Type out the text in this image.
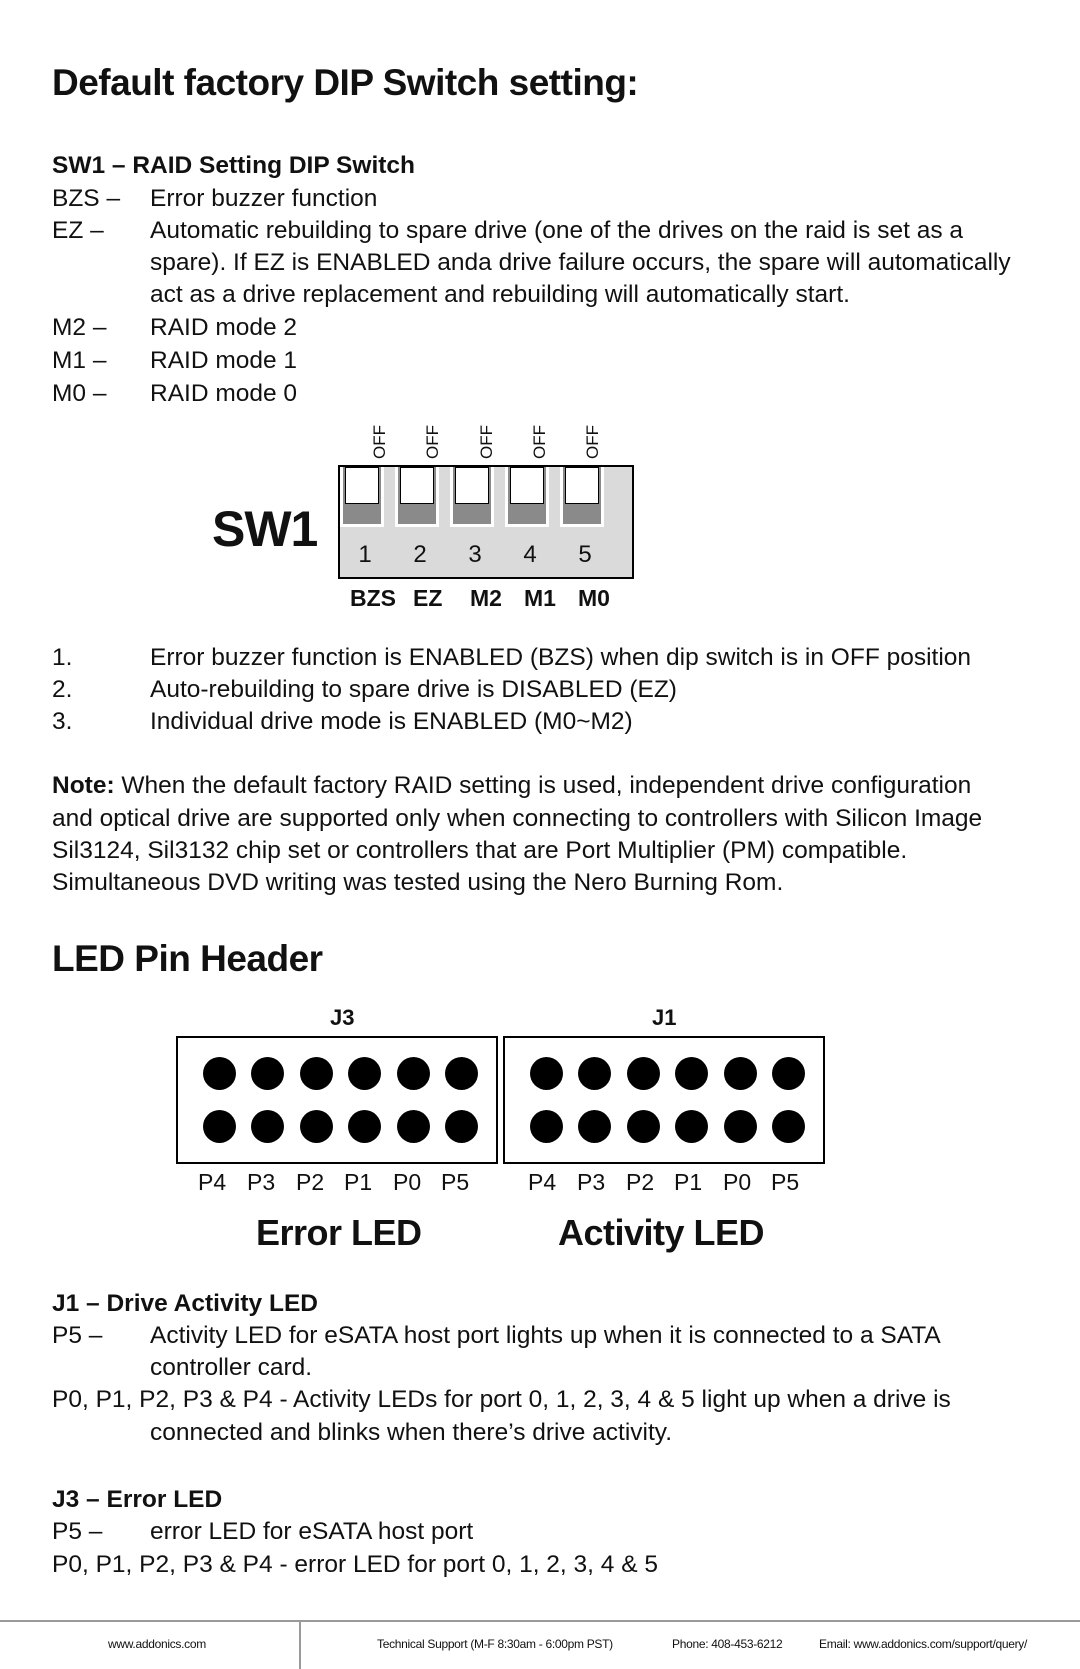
Default factory DIP Switch setting:
SW1 – RAID Setting DIP Switch
BZS – Error buzzer function
EZ – Automatic rebuilding to spare drive (one of the drives on the raid is set as a
spare). If EZ is ENABLED anda drive failure occurs, the spare will automatically
act as a drive replacement and rebuilding will automatically start.
M2 – RAID mode 2
M1 – RAID mode 1
M0 – RAID mode 0
OFF OFF OFF OFF OFF
SW1	1	2	3	4	5
BZS EZ M2 M1 M0
1.	Error buzzer function is ENABLED (BZS) when dip switch is in OFF position
2.	Auto-rebuilding to spare drive is DISABLED (EZ)
3.	Individual drive mode is ENABLED (M0~M2)
Note: When the default factory RAID setting is used, independent drive configuration
and optical drive are supported only when connecting to controllers with Silicon Image
Sil3124, Sil3132 chip set or controllers that are Port Multiplier (PM) compatible.
Simultaneous DVD writing was tested using the Nero Burning Rom.
LED Pin Header
J3	J1
P4 P3 P2 P1 P0 P5	P4 P3 P2 P1 P0 P5
Error LED	Activity LED
J1 – Drive Activity LED
P5 – Activity LED for eSATA host port lights up when it is connected to a SATA
controller card.
P0, P1, P2, P3 & P4 - Activity LEDs for port 0, 1, 2, 3, 4 & 5 light up when a drive is
connected and blinks when there’s drive activity.
J3 – Error LED
P5 – error LED for eSATA host port
P0, P1, P2, P3 & P4 - error LED for port 0, 1, 2, 3, 4 & 5
www.addonics.com	Technical Support (M-F 8:30am - 6:00pm PST)	Phone: 408-453-6212	Email: www.addonics.com/support/query/
